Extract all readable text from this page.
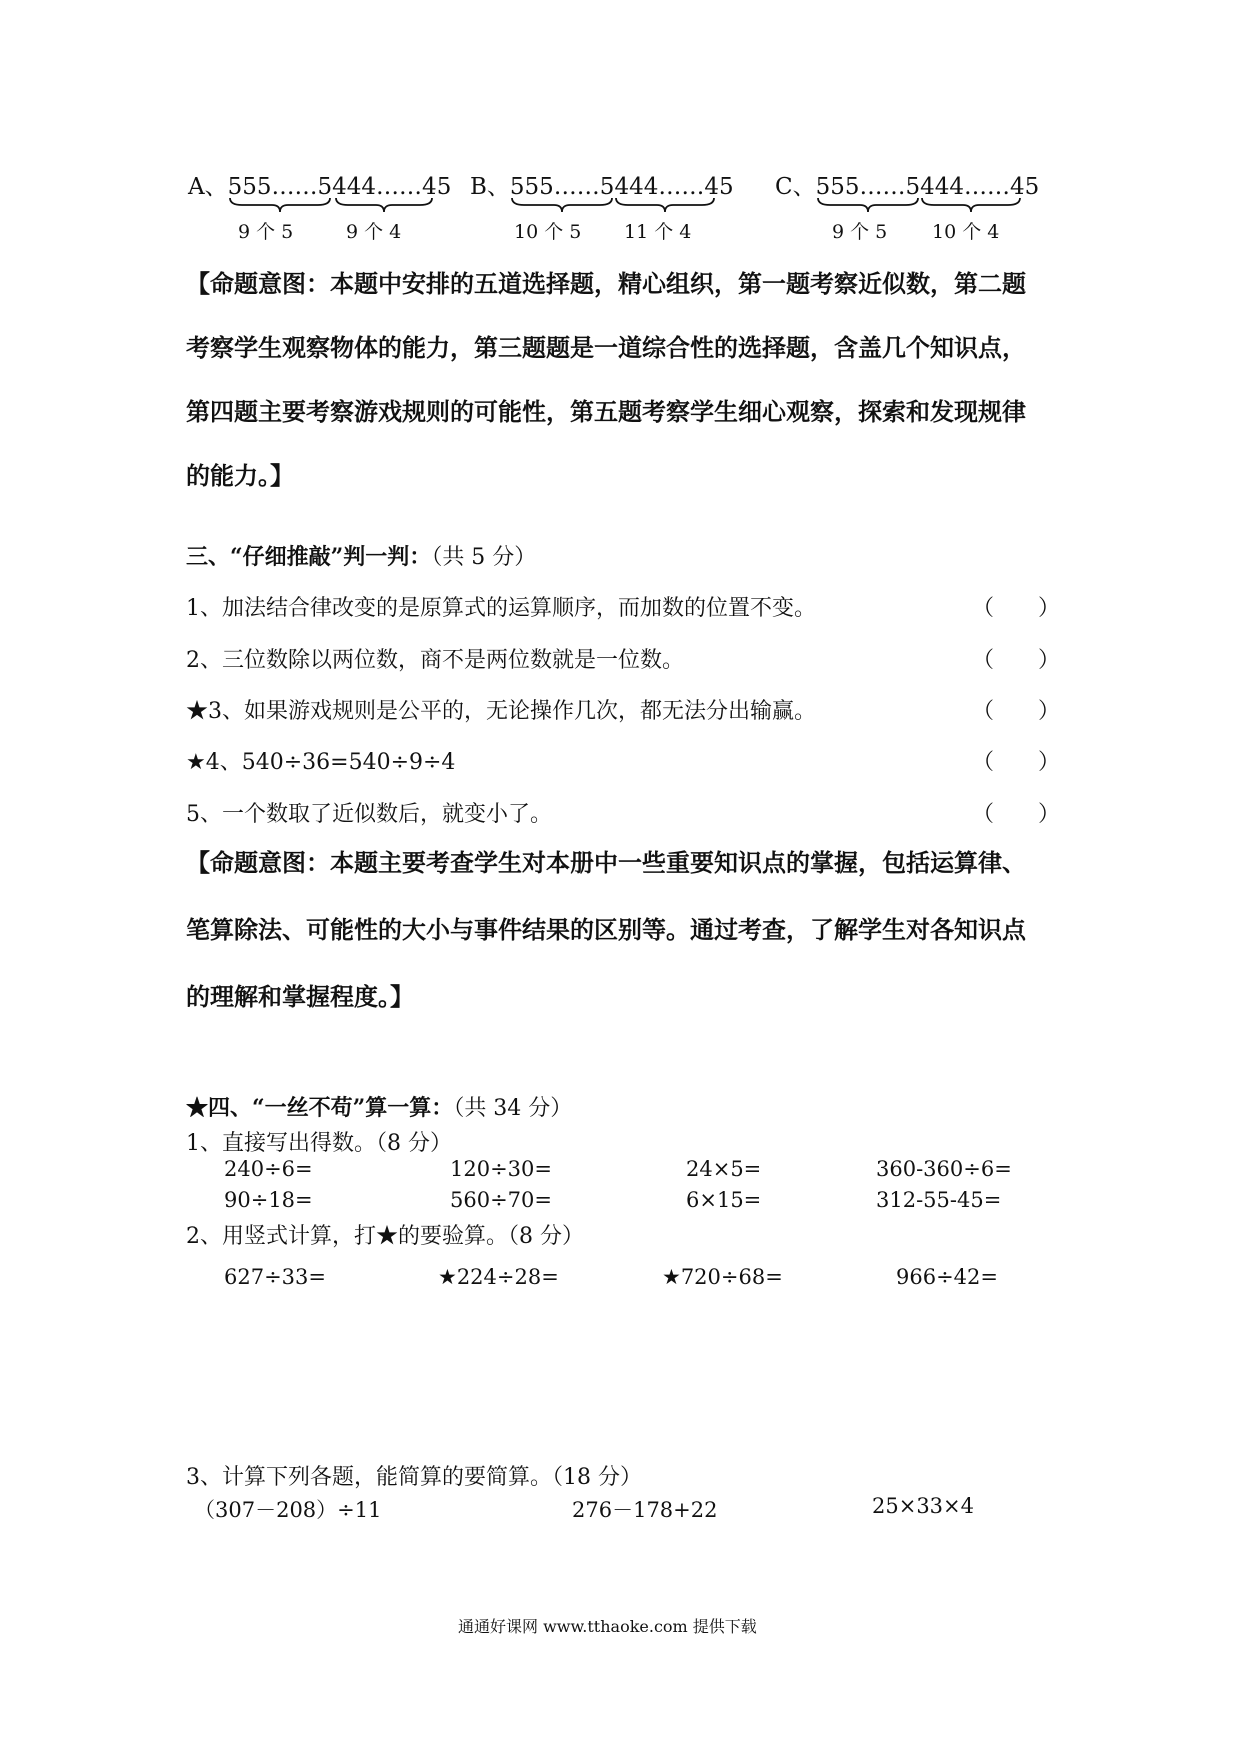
A、555……5444……45
9 个 5	9 个 4
B、555……5444……45
10 个 5 11 个 4
C、555……5444……45
9 个 5 10 个 4
【命题意图：本题中安排的五道选择题，精心组织，第一题考察近似数，第二题
考察学生观察物体的能力，第三题题是一道综合性的选择题，含盖几个知识点，
第四题主要考察游戏规则的可能性，第五题考察学生细心观察，探索和发现规律
的能力。】
三、“仔细推敲”判一判：（共 5 分）
1、加法结合律改变的是原算式的运算顺序，而加数的位置不变。	（　　）
2、三位数除以两位数，商不是两位数就是一位数。	（　　）
★3、如果游戏规则是公平的，无论操作几次，都无法分出输赢。	（　　）
★4、540÷36=540÷9÷4	（　　）
5、一个数取了近似数后，就变小了。	（　　）
【命题意图：本题主要考查学生对本册中一些重要知识点的掌握，包括运算律、
笔算除法、可能性的大小与事件结果的区别等。通过考查，了解学生对各知识点
的理解和掌握程度。】
★四、“一丝不苟”算一算：（共 34 分）
1、直接写出得数。（8 分）
240÷6=	120÷30=	24×5=	360-360÷6=
90÷18=	560÷70=	6×15=	312-55-45=
2、用竖式计算，打★的要验算。（8 分）
627÷33=	★224÷28=	★720÷68=	966÷42=
3、计算下列各题，能简算的要简算。（18 分）
（307－208）÷11	276－178+22	25×33×4
通通好课网 www.tthaoke.com 提供下载
